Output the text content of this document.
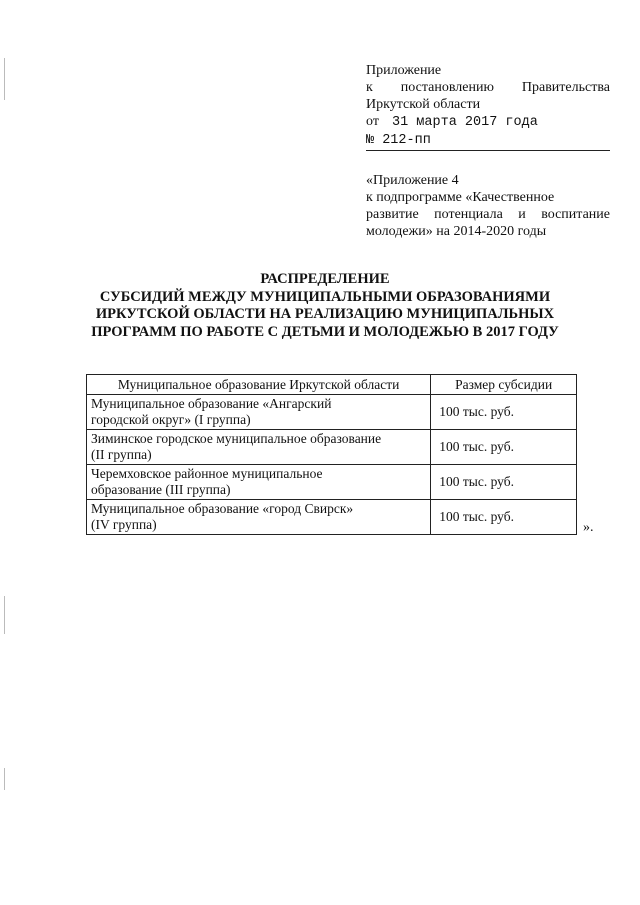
Приложение
к постановлению Правительства
Иркутской области
от 31 марта 2017 года
№ 212-пп
«Приложение 4
к подпрограмме «Качественное
развитие потенциала и воспитание
молодежи» на 2014-2020 годы
РАСПРЕДЕЛЕНИЕ
СУБСИДИЙ МЕЖДУ МУНИЦИПАЛЬНЫМИ ОБРАЗОВАНИЯМИ
ИРКУТСКОЙ ОБЛАСТИ НА РЕАЛИЗАЦИЮ МУНИЦИПАЛЬНЫХ
ПРОГРАММ ПО РАБОТЕ С ДЕТЬМИ И МОЛОДЕЖЬЮ В 2017 ГОДУ
Муниципальное образование Иркутской области	Размер субсидии

Муниципальное образование «Ангарский
городской округ» (I группа)	100 тыс. руб.

Зиминское городское муниципальное образование
(II группа)	100 тыс. руб.

Черемховское районное муниципальное
образование (III группа)	100 тыс. руб.

Муниципальное образование «город Свирск»
(IV группа)	100 тыс. руб.
».
